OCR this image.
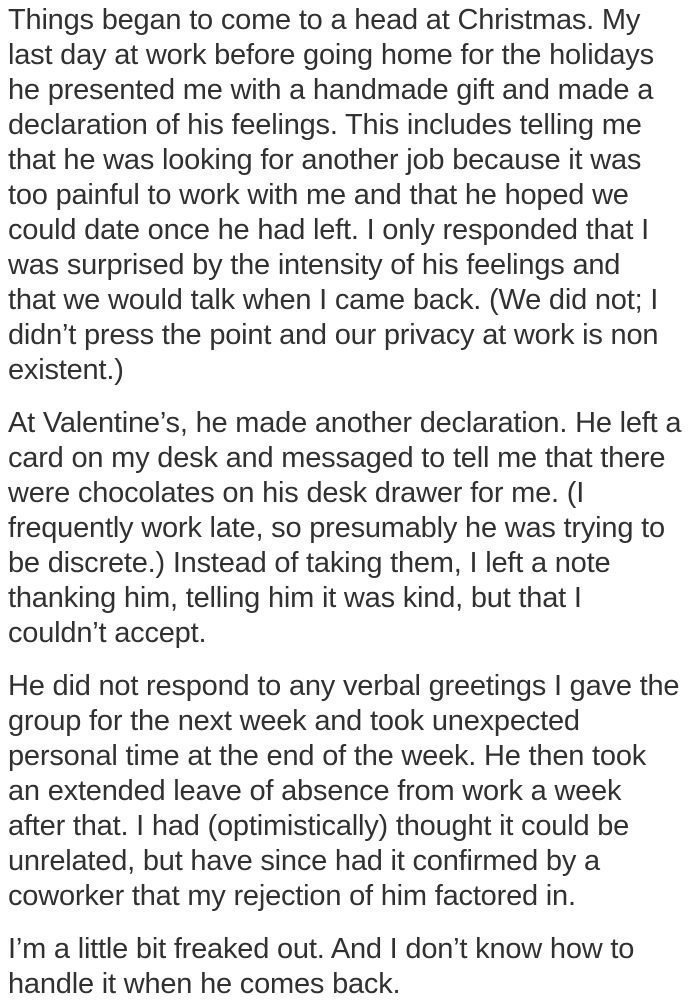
Things began to come to a head at Christmas. My
last day at work before going home for the holidays
he presented me with a handmade gift and made a
declaration of his feelings. This includes telling me
that he was looking for another job because it was
too painful to work with me and that he hoped we
could date once he had left. I only responded that I
was surprised by the intensity of his feelings and
that we would talk when I came back. (We did not; I
didn’t press the point and our privacy at work is non
existent.)

At Valentine’s, he made another declaration. He left a
card on my desk and messaged to tell me that there
were chocolates on his desk drawer for me. (I
frequently work late, so presumably he was trying to
be discrete.) Instead of taking them, I left a note
thanking him, telling him it was kind, but that I
couldn’t accept.

He did not respond to any verbal greetings I gave the
group for the next week and took unexpected
personal time at the end of the week. He then took
an extended leave of absence from work a week
after that. I had (optimistically) thought it could be
unrelated, but have since had it confirmed by a
coworker that my rejection of him factored in.

I’m a little bit freaked out. And I don’t know how to
handle it when he comes back.
